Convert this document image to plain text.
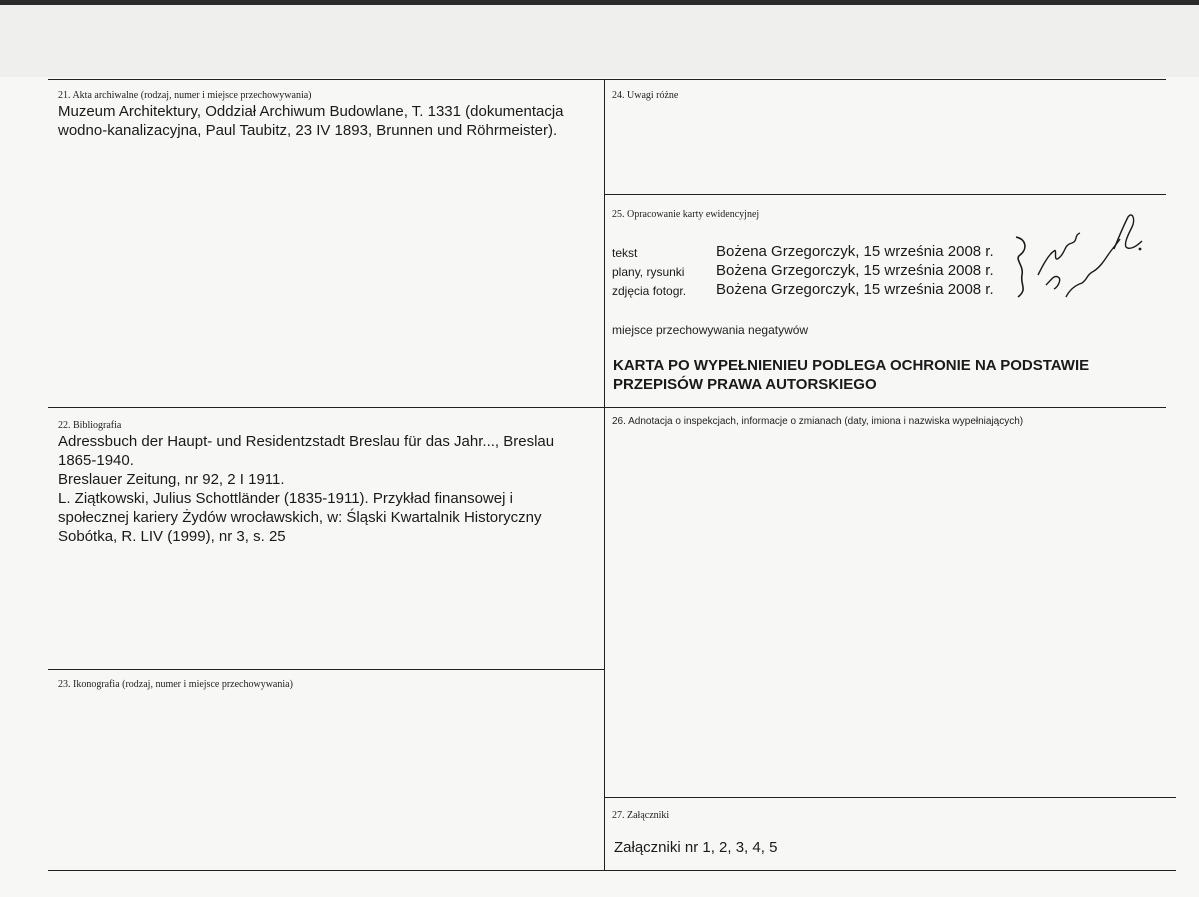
21. Akta archiwalne (rodzaj, numer i miejsce przechowywania)
Muzeum Architektury, Oddział Archiwum Budowlane, T. 1331 (dokumentacja
wodno-kanalizacyjna, Paul Taubitz, 23 IV 1893, Brunnen und Röhrmeister).
24. Uwagi różne
25. Opracowanie karty ewidencyjnej
tekst	Bożena Grzegorczyk, 15 września 2008 r.
plany, rysunki Bożena Grzegorczyk, 15 września 2008 r.
zdjęcia fotogr. Bożena Grzegorczyk, 15 września 2008 r.
miejsce przechowywania negatywów
KARTA PO WYPEŁNIENIEU PODLEGA OCHRONIE NA PODSTAWIE
PRZEPISÓW PRAWA AUTORSKIEGO
22. Bibliografia
Adressbuch der Haupt- und Residentzstadt Breslau für das Jahr..., Breslau
1865-1940.
Breslauer Zeitung, nr 92, 2 I 1911.
L. Ziątkowski, Julius Schottländer (1835-1911). Przykład finansowej i
społecznej kariery Żydów wrocławskich, w: Śląski Kwartalnik Historyczny
Sobótka, R. LIV (1999), nr 3, s. 25
26. Adnotacja o inspekcjach, informacje o zmianach (daty, imiona i nazwiska wypełniających)
23. Ikonografia (rodzaj, numer i miejsce przechowywania)
27. Załączniki
Załączniki nr 1, 2, 3, 4, 5
